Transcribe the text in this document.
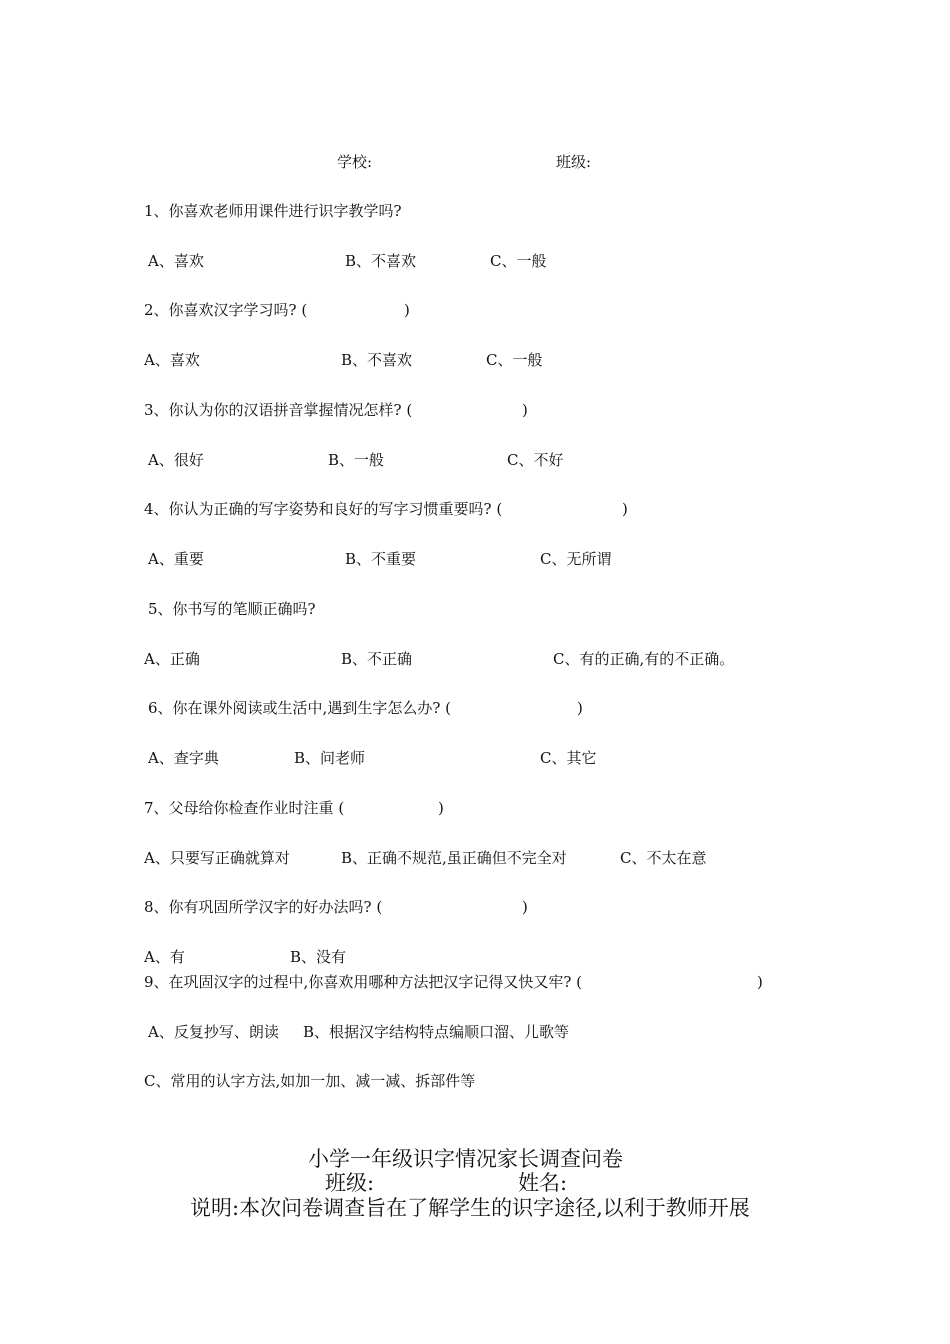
学校:	班级:
1、你喜欢老师用课件进行识字教学吗?
A、喜欢	B、不喜欢	C、一般
2、你喜欢汉字学习吗? (	)
A、喜欢	B、不喜欢	C、一般
3、你认为你的汉语拼音掌握情况怎样? (	)
A、很好	B、一般	C、不好
4、你认为正确的写字姿势和良好的写字习惯重要吗? (	)
A、重要	B、不重要	C、无所谓
5、你书写的笔顺正确吗?
A、正确	B、不正确	C、有的正确,有的不正确。
6、你在课外阅读或生活中,遇到生字怎么办? (	)
A、查字典	B、问老师	C、其它
7、父母给你检查作业时注重 (	)
A、只要写正确就算对	B、正确不规范,虽正确但不完全对	C、不太在意
8、你有巩固所学汉字的好办法吗? (	)
A、有	B、没有
9、在巩固汉字的过程中,你喜欢用哪种方法把汉字记得又快又牢? (	)
A、反复抄写、朗读 B、根据汉字结构特点编顺口溜、儿歌等
C、常用的认字方法,如加一加、减一减、拆部件等
小学一年级识字情况家长调查问卷
班级:	姓名:
说明:本次问卷调查旨在了解学生的识字途径,以利于教师开展
